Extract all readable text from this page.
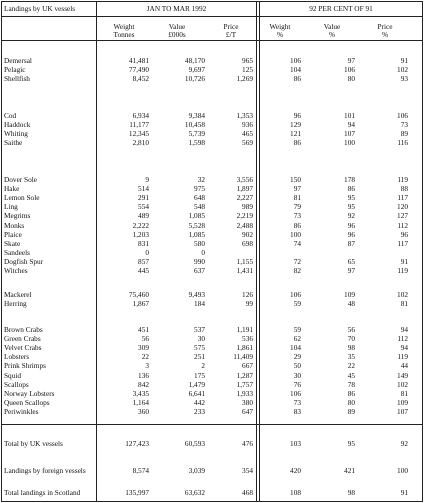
Landings by UK vessels	JAN TO MAR 1992	92 PER CENT OF 91
Weight
Tonnes
Value
£000s
Price
£/T
Weight
%
Value
%
Price
%
Demersal	41,481	48,170	965	106	97	91
Pelagic	77,490	9,697	125	104	106	102
Shellfish	8,452	10,726	1,269	86	80	93
Cod	6,934	9,384	1,353	96	101	106
Haddock	11,177	10,458	936	129	94	73
Whiting	12,345	5,739	465	121	107	89
Saithe	2,810	1,598	569	86	100	116
Dover Sole	9	32	3,556	150	178	119
Hake	514	975	1,897	97	86	88
Lemon Sole	291	648	2,227	81	95	117
Ling	554	548	989	79	95	120
Megrims	489	1,085	2,219	73	92	127
Monks	2,222	5,528	2,488	86	96	112
Plaice	1,203	1,085	902	100	96	96
Skate	831	580	698	74	87	117
Sandeels	0	0
Dogfish Spur	857	990	1,155	72	65	91
Witches	445	637	1,431	82	97	119
Mackerel	75,460	9,493	126	106	109	102
Herring	1,867	184	99	59	48	81
Brown Crabs	451	537	1,191	59	56	94
Green Crabs	56	30	536	62	70	112
Velvet Crabs	309	575	1,861	104	98	94
Lobsters	22	251	11,409	29	35	119
Prink Shrimps	3	2	667	50	22	44
Squid	136	175	1,287	30	45	149
Scallops	842	1,479	1,757	76	78	102
Norway Lobsters	3,435	6,641	1,933	106	86	81
Queen Scallops	1,164	442	380	73	80	109
Periwinkles	360	233	647	83	89	107
Total by UK vessels	127,423	60,593	476	103	95	92
Landings by foreign vessels	8,574	3,039	354	420	421	100
Total landings in Scotland	135,997	63,632	468	108	98	91
